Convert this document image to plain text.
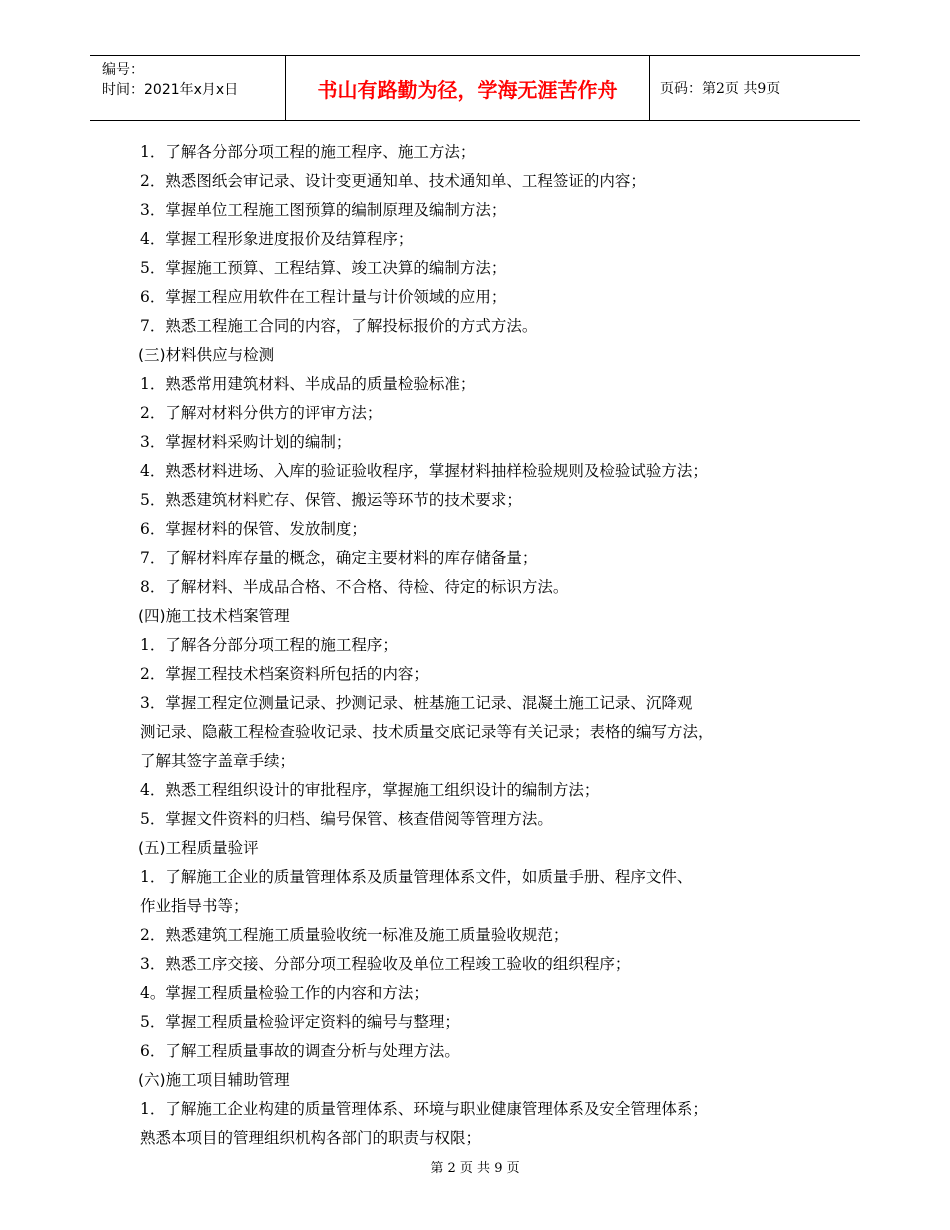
编号：
时间：2021年x月x日	书山有路勤为径，学海无涯苦作舟	页码：第2页 共9页

1．了解各分部分项工程的施工程序、施工方法；

2．熟悉图纸会审记录、设计变更通知单、技术通知单、工程签证的内容；

3．掌握单位工程施工图预算的编制原理及编制方法；

4．掌握工程形象进度报价及结算程序；

5．掌握施工预算、工程结算、竣工决算的编制方法；

6．掌握工程应用软件在工程计量与计价领域的应用；

7．熟悉工程施工合同的内容，了解投标报价的方式方法。

(三)材料供应与检测

1．熟悉常用建筑材料、半成品的质量检验标准；

2．了解对材料分供方的评审方法；

3．掌握材料采购计划的编制；

4．熟悉材料进场、入库的验证验收程序，掌握材料抽样检验规则及检验试验方法；

5．熟悉建筑材料贮存、保管、搬运等环节的技术要求；

6．掌握材料的保管、发放制度；

7．了解材料库存量的概念，确定主要材料的库存储备量；

8．了解材料、半成品合格、不合格、待检、待定的标识方法。

(四)施工技术档案管理

1．了解各分部分项工程的施工程序；

2．掌握工程技术档案资料所包括的内容；

3．掌握工程定位测量记录、抄测记录、桩基施工记录、混凝土施工记录、沉降观

测记录、隐蔽工程检查验收记录、技术质量交底记录等有关记录；表格的编写方法，

了解其签字盖章手续；

4．熟悉工程组织设计的审批程序，掌握施工组织设计的编制方法；

5．掌握文件资料的归档、编号保管、核查借阅等管理方法。

(五)工程质量验评

1．了解施工企业的质量管理体系及质量管理体系文件，如质量手册、程序文件、

作业指导书等；

2．熟悉建筑工程施工质量验收统一标准及施工质量验收规范；

3．熟悉工序交接、分部分项工程验收及单位工程竣工验收的组织程序；

4。掌握工程质量检验工作的内容和方法；

5．掌握工程质量检验评定资料的编号与整理；

6．了解工程质量事故的调查分析与处理方法。

(六)施工项目辅助管理

1．了解施工企业构建的质量管理体系、环境与职业健康管理体系及安全管理体系；

熟悉本项目的管理组织机构各部门的职责与权限；

第 2 页 共 9 页
